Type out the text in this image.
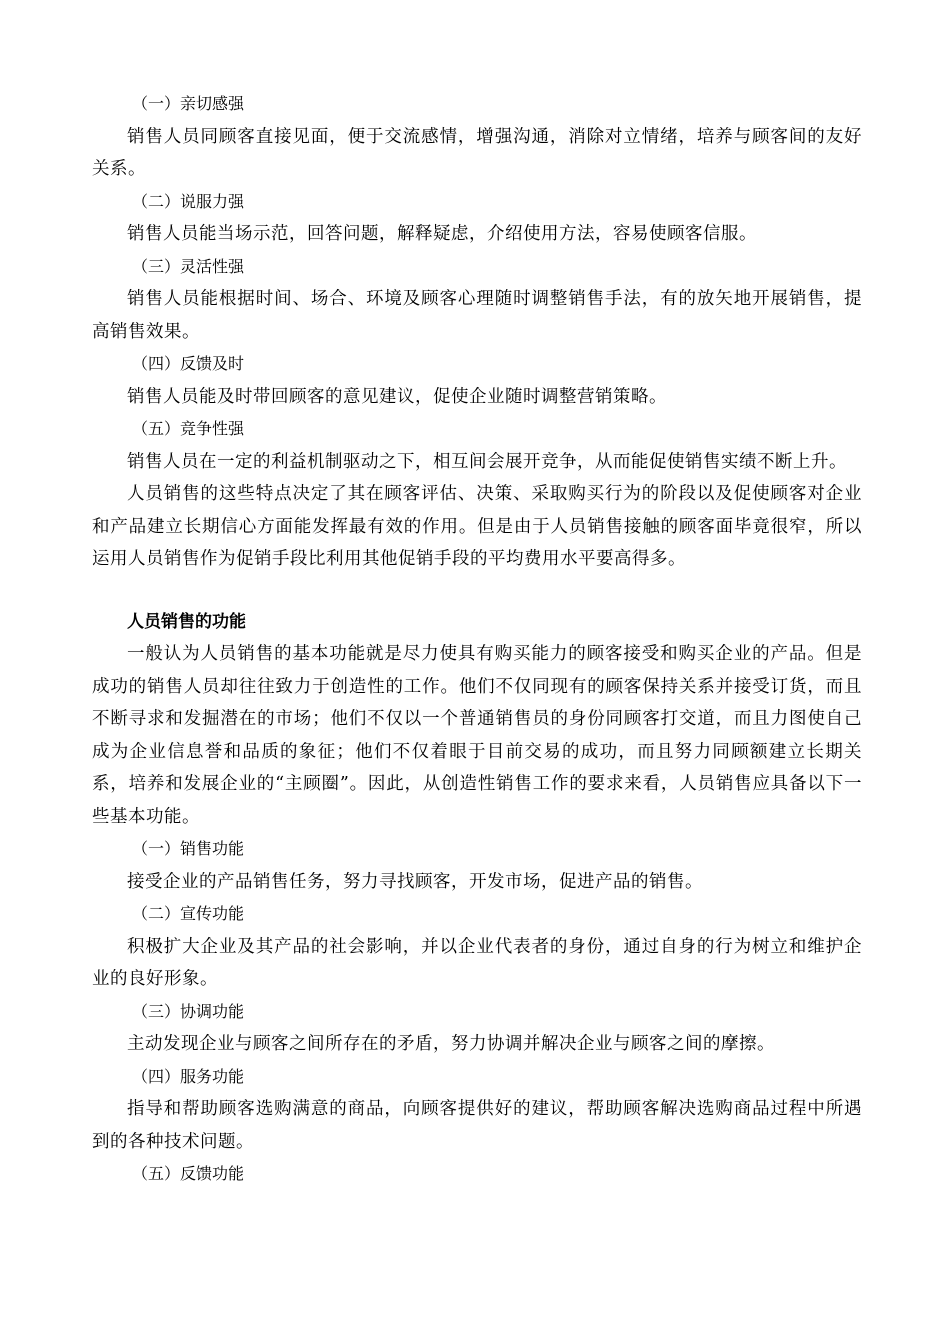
（一）亲切感强

销售人员同顾客直接见面，便于交流感情，增强沟通，消除对立情绪，培养与顾客间的友好关系。

（二）说服力强

销售人员能当场示范，回答问题，解释疑虑，介绍使用方法，容易使顾客信服。

（三）灵活性强

销售人员能根据时间、场合、环境及顾客心理随时调整销售手法，有的放矢地开展销售，提高销售效果。

（四）反馈及时

销售人员能及时带回顾客的意见建议，促使企业随时调整营销策略。

（五）竞争性强

销售人员在一定的利益机制驱动之下，相互间会展开竞争，从而能促使销售实绩不断上升。

人员销售的这些特点决定了其在顾客评估、决策、采取购买行为的阶段以及促使顾客对企业和产品建立长期信心方面能发挥最有效的作用。但是由于人员销售接触的顾客面毕竟很窄，所以运用人员销售作为促销手段比利用其他促销手段的平均费用水平要高得多。

人员销售的功能

一般认为人员销售的基本功能就是尽力使具有购买能力的顾客接受和购买企业的产品。但是成功的销售人员却往往致力于创造性的工作。他们不仅同现有的顾客保持关系并接受订货，而且不断寻求和发掘潜在的市场；他们不仅以一个普通销售员的身份同顾客打交道，而且力图使自己成为企业信息誉和品质的象征；他们不仅着眼于目前交易的成功，而且努力同顾额建立长期关系，培养和发展企业的“主顾圈”。因此，从创造性销售工作的要求来看，人员销售应具备以下一些基本功能。

（一）销售功能

接受企业的产品销售任务，努力寻找顾客，开发市场，促进产品的销售。

（二）宣传功能

积极扩大企业及其产品的社会影响，并以企业代表者的身份，通过自身的行为树立和维护企业的良好形象。

（三）协调功能

主动发现企业与顾客之间所存在的矛盾，努力协调并解决企业与顾客之间的摩擦。

（四）服务功能

指导和帮助顾客选购满意的商品，向顾客提供好的建议，帮助顾客解决选购商品过程中所遇到的各种技术问题。

（五）反馈功能
